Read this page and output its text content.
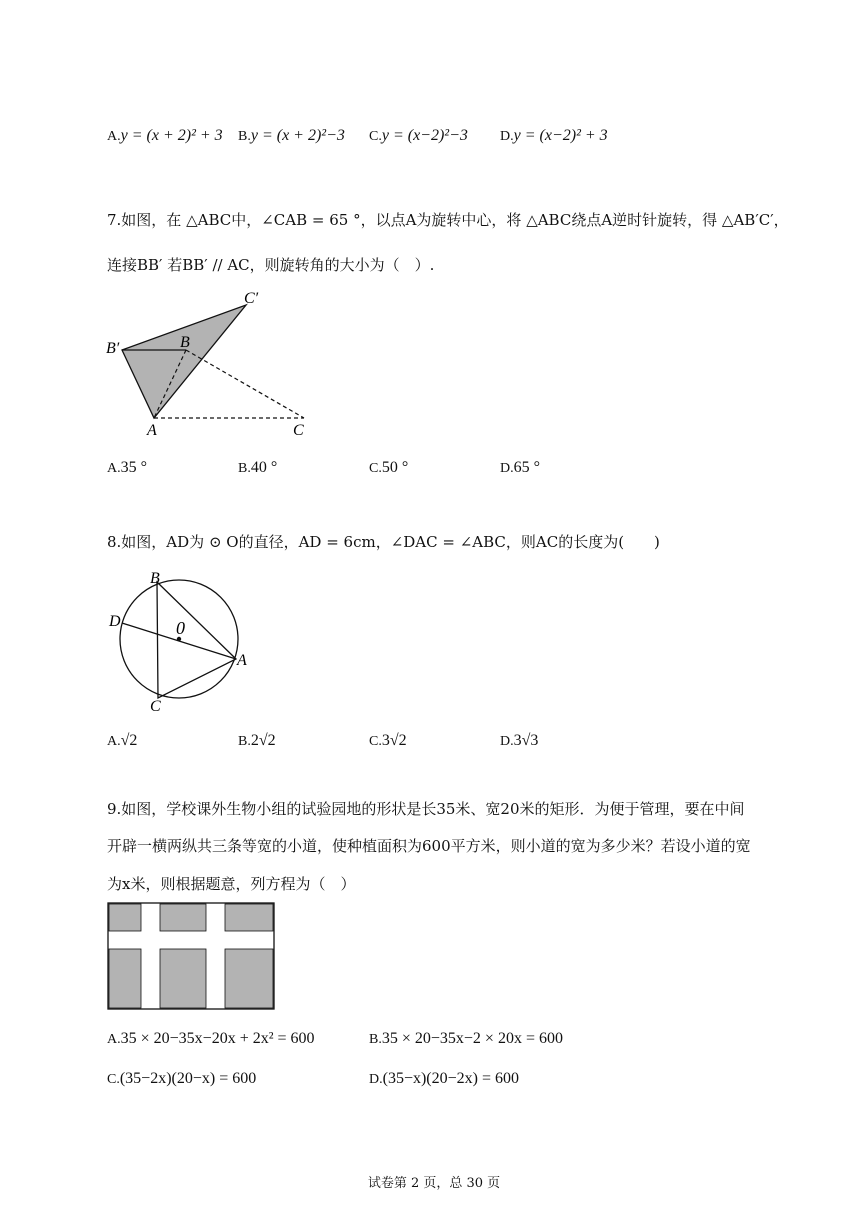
A.y = (x + 2)² + 3 B.y = (x + 2)²−3 C.y = (x−2)²−3 D.y = (x−2)² + 3
7.如图，在 △ABC中，∠CAB = 65 °，以点A为旋转中心，将 △ABC绕点A逆时针旋转，得 △AB′C′，
连接BB′ 若BB′ // AC，则旋转角的大小为（　）.
B′	B
C′
A	C
A.35 °	B.40 °	C.50 °	D.65 °
8.如图，AD为 ⊙ O的直径，AD = 6cm，∠DAC = ∠ABC，则AC的长度为(　　)
B
D	0
A
C
A.√2	B.2√2	C.3√2	D.3√3
9.如图，学校课外生物小组的试验园地的形状是长35米、宽20米的矩形．为便于管理，要在中间
开辟一横两纵共三条等宽的小道，使种植面积为600平方米，则小道的宽为多少米？若设小道的宽
为x米，则根据题意，列方程为（　）
A.35 × 20−35x−20x + 2x² = 600	B.35 × 20−35x−2 × 20x = 600
C.(35−2x)(20−x) = 600	D.(35−x)(20−2x) = 600
试卷第 2 页，总 30 页
